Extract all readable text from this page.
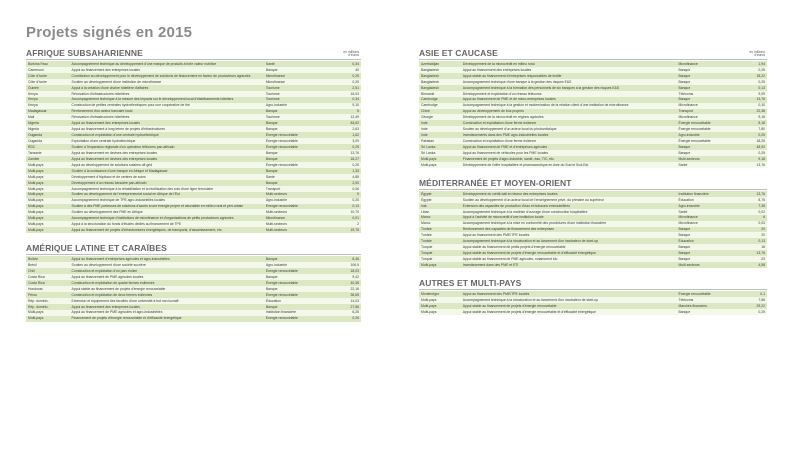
Projets signés en 2015
AFRIQUE SUBSAHARIENNE	en millions d'euros
Burkina Faso	Accompagnement technique au développement d'une marque de produits à forte valeur nutritive	Santé	0,34
Cameroun	Appui au financement des entreprises locales	Banque	40
Côte d'Ivoire	Contribution au développement pour le développement de solutions de financement en faveur de producteurs agricoles	Microfinance	0,25
Côte d'Ivoire	Soutien au développement d'une institution de microfinance	Microfinance	0,25
Guinée	Appui à la création d'une chaîne hôtelière d'affaires	Tourisme	2,51
Kenya	Rénovation d'infrastructures hôtelières	Tourisme	16,03
Kenya	Accompagnement technique à la mesure des impacts sur le développement local d'établissements hôteliers	Tourisme	0,34
Kenya	Construction de petites centrales hydroélectriques pour une coopérative de thé	Agro-industrie	9,10
Madagascar	Renforcement d'un acteur bancaire local	Banque	5
Mali	Rénovation d'infrastructures hôtelières	Tourisme	12,49
Nigeria	Appui au financement des entreprises locales	Banque	83,62
Nigeria	Appui au financement à long terme de projets d'infrastructures	Banque	2,63
Ouganda	Construction et exploitation d'une centrale hydroélectrique	Énergie renouvelable	1,62
Ouganda	Exploitation d'une centrale hydroélectrique	Énergie renouvelable	3,09
RDC	Soutien à l'expansion régionale d'un opérateur télécoms pan-africain	Énergie renouvelable	0,29
Tanzanie	Appui au financement en devises des entreprises locales	Banque	13,76
Zambie	Appui au financement en devises des entreprises locales	Banque	18,27
Multi-pays	Appui au développement de solutions solaires off-grid	Énergie renouvelable	0,25
Multi-pays	Soutien à la croissance d'une banque en Afrique et Madagascar	Banque	1,33
Multi-pays	Développement d'hôpitaux et de centres de soins	Santé	4,85
Multi-pays	Développement d'un réseau bancaire pan-africain	Banque	2,00
Multi-pays	Accompagnement technique à la réhabilitation et la réutilisation des sols d'une ligne ferroviaire	Transport	0,06
Multi-pays	Soutien au développement de l'entrepreneuriat social en Afrique de l'Est	Multi-secteurs	5
Multi-pays	Accompagnement technique de TPE agro-industrielles locales	Agro-industrie	0,25
Multi-pays	Soutien à des PME porteuses de solutions d'accès à une énergie propre et abordable en milieu rural et péri-urbain	Énergie renouvelable	0,13
Multi-pays	Soutien au développement des PME en Afrique	Multi-secteurs	10,70
Multi-pays	Accompagnement technique d'institutions de microfinance et d'organisations de petits producteurs agricoles	Microfinance	0,01
Multi-pays	Appui à la structuration du fonds d'études dédiés au financement de TPE	Multi-secteurs	2
Multi-pays	Appui au financement de projets d'infrastructures énergétiques, de transports, d'assainissement, etc.	Multi-secteurs	15,78
AMÉRIQUE LATINE ET CARAÏBES
Bolivie	Appui au financement d'entreprises agricoles et agro-industrielles	Banque	8,46
Brésil	Soutien au développement d'une société sucrière	Agro-industrie	106,5
Chili	Construction et exploitation d'un parc éolien	Énergie renouvelable	18,03
Costa Rica	Appui au financement de PME agricoles locales	Banque	9,42
Costa Rica	Construction et exploitation de quatre fermes éoliennes	Énergie renouvelable	40,38
Honduras	Appui stable au financement de projets d'énergie renouvelable	Banque	22,16
Pérou	Construction et exploitation de deux fermes éoliennes	Énergie renouvelable	36,65
Rép. dominic.	Extension et équipement des facultés d'une université à but non lucratif	Éducation	14,03
Rép. dominic.	Appui au financement des entreprises locales	Banque	27,56
Multi-pays	Appui au financement de PME agricoles et agro-industrielles	Institution financière	6,26
Multi-pays	Financement de projets d'énergie renouvelable et d'efficacité énergétique	Énergie renouvelable	0,26
ASIE ET CAUCASE	en millions d'euros
Azerbaïdjan	Développement de la microcrédit en milieu rural	Microfinance	1,94
Bangladesh	Appui au financement des entreprises locales	Banque	0,25
Bangladesh	Appui stable au financement d'entreprises responsables de textile	Banque	18,22
Bangladesh	Accompagnement technique d'une banque à la gestion des risques E&S	Banque	0,25
Bangladesh	Accompagnement technique à la formation des personnels de six banques à la gestion des risques E&S	Banque	0,13
Birmanie	Développement et exploitation d'un réseau télécoms	Télécoms	9,09
Cambodge	Appui au financement de PME et de micro-entreprises locales	Banque	13,76
Cambodge	Accompagnement technique à la gestion et modernisation de la relation client d'une institution de microfinance	Microfinance	0,10
Chine	Appui au développement de bus propres	Transport	22,38
Géorgie	Développement de la microcrédit en régions agricoles	Microfinance	9,18
Inde	Construction et exploitation d'une ferme éolienne	Énergie renouvelable	5,18
Inde	Soutien au développement d'un acteur local du photovoltaïque	Énergie renouvelable	7,80
Inde	Investissements dans des PME agro-industrielles locales	Agro-industrie	0,25
Pakistan	Construction et exploitation d'une ferme éolienne	Énergie renouvelable	18,26
Sri Lanka	Appui au financement de PME et d'entreprises agricoles	Banque	48,92
Sri Lanka	Appui au financement de véhicules pour les PME locales	Banque	0,25
Multi-pays	Financement de projets d'agro-industrie, santé, eau, TIC, etc.	Multi-secteurs	9,18
Multi-pays	Développement de l'offre hospitalière et pharmaceutique en Asie du Sud et Sud-Est	Santé	13,76
MÉDITERRANÉE ET MOYEN-ORIENT
Égypte	Développement du crédit-bail en faveur des entreprises locales	Institution financière	13,76
Égypte	Soutien au développement d'un acteur local de l'enseignement privé, du primaire au supérieur	Éducation	8,75
Irak	Extension des capacités de production d'eau et boissons embouteillées	Agro-industrie	7,35
Liban	Accompagnement technique à la maîtrise d'ouvrage d'une construction hospitalière	Santé	0,02
Maroc	Appui à l'activité de microcrédit d'une institution locale	Microfinance	6
Maroc	Accompagnement technique à la mise en conformité des procédures d'une institution financière	Microfinance	0,03
Tunisie	Renforcement des capacités de financement des entreprises	Banque	20
Tunisie	Appui au financement des PME/TPE locales	Banque	20
Tunisie	Accompagnement technique à la structuration et au lancement d'un incubateur de start-up	Éducation	0,13
Turquie	Appui stable au financement de petits projets d'énergie renouvelable	Banque	18
Turquie	Appui stable au financement de projets d'énergie renouvelable et d'efficacité énergétique	Banque	13,76
Turquie	Appui stable au financement de PME agricoles, notamment bio	Banque	23
Multi-pays	Investissement dans des PME et ETI	Multi-secteurs	4,58
AUTRES ET MULTI-PAYS
Monténégro	Appui au financement des PME/TPE locales	Énergie renouvelable	0,1
Multi-pays	Accompagnement technique à la structuration et au lancement d'un incubateur de start-up	Télécoms	7,88
Multi-pays	Appui stable au financement de projets d'énergie renouvelable	Marchés financiers	29,22
Multi-pays	Appui stable au financement de projets d'énergie renouvelable et d'efficacité énergétique	Banque	0,25
